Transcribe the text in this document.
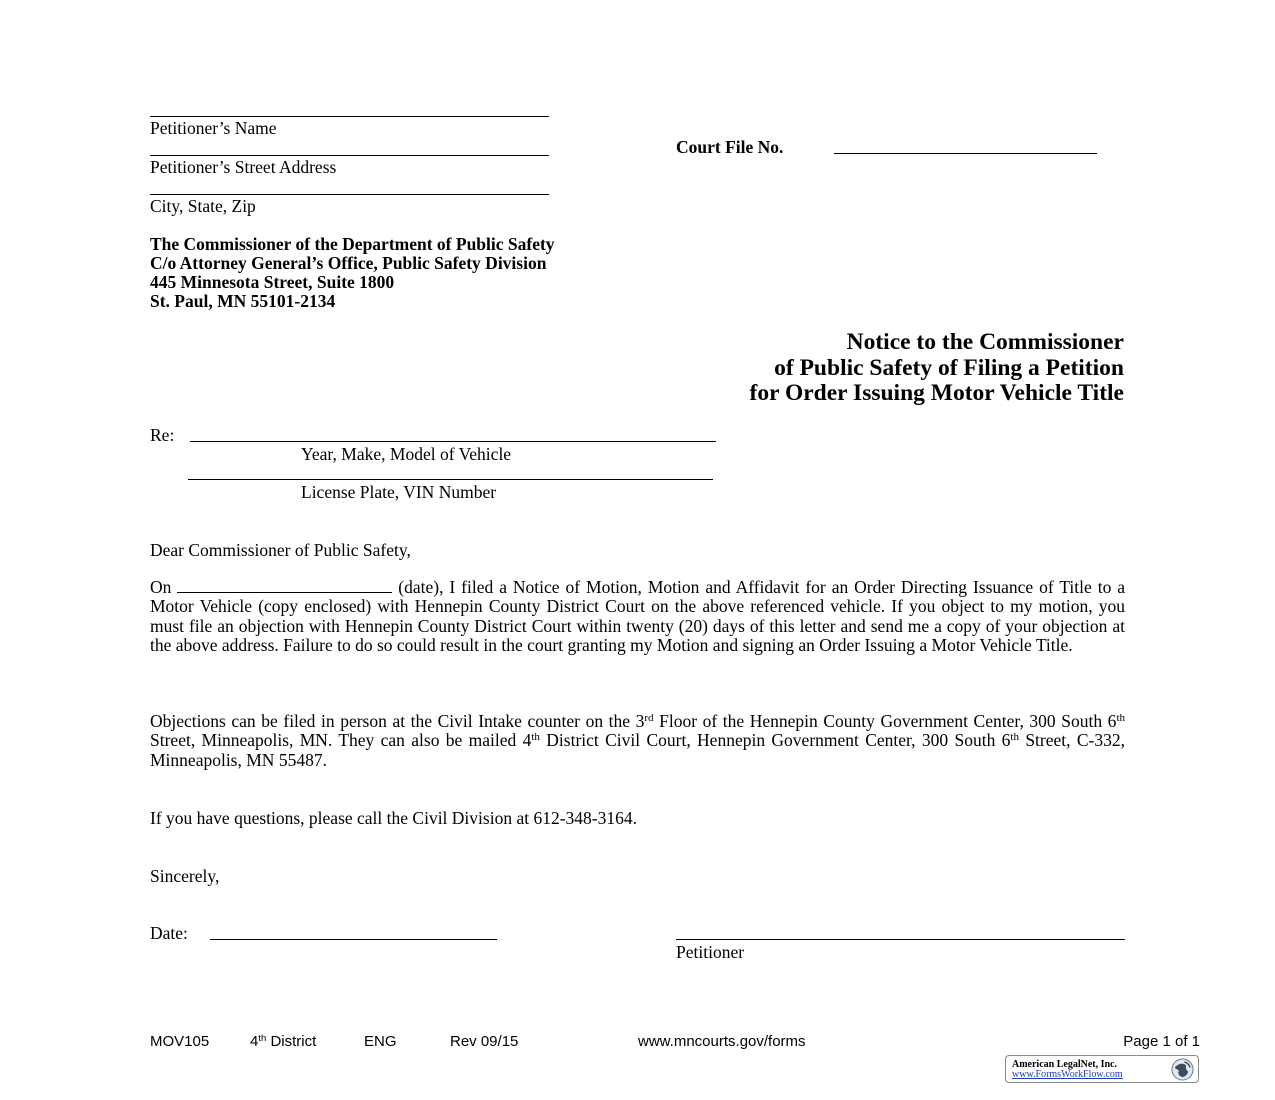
Petitioner’s Name
Petitioner’s Street Address
City, State, Zip
Court File No.
The Commissioner of the Department of Public Safety
C/o Attorney General’s Office, Public Safety Division
445 Minnesota Street, Suite 1800
St. Paul, MN 55101-2134
Notice to the Commissioner
of Public Safety of Filing a Petition
for Order Issuing Motor Vehicle Title
Re:
Year, Make, Model of Vehicle
License Plate, VIN Number
Dear Commissioner of Public Safety,
On	(date), I filed a Notice of Motion, Motion and Affidavit for an Order Directing Issuance of Title to a Motor Vehicle (copy enclosed) with Hennepin County District Court on the above referenced vehicle. If you object to my motion, you must file an objection with Hennepin County District Court within twenty (20) days of this letter and send me a copy of your objection at the above address. Failure to do so could result in the court granting my Motion and signing an Order Issuing a Motor Vehicle Title.
Objections can be filed in person at the Civil Intake counter on the 3rd Floor of the Hennepin County Government Center, 300 South 6th Street, Minneapolis, MN. They can also be mailed 4th District Civil Court, Hennepin Government Center, 300 South 6th Street, C-332, Minneapolis, MN 55487.
If you have questions, please call the Civil Division at 612-348-3164.
Sincerely,
Date:
Petitioner
MOV105	4th District	ENG	Rev 09/15	www.mncourts.gov/forms	Page 1 of 1
American LegalNet, Inc.
www.FormsWorkFlow.com
